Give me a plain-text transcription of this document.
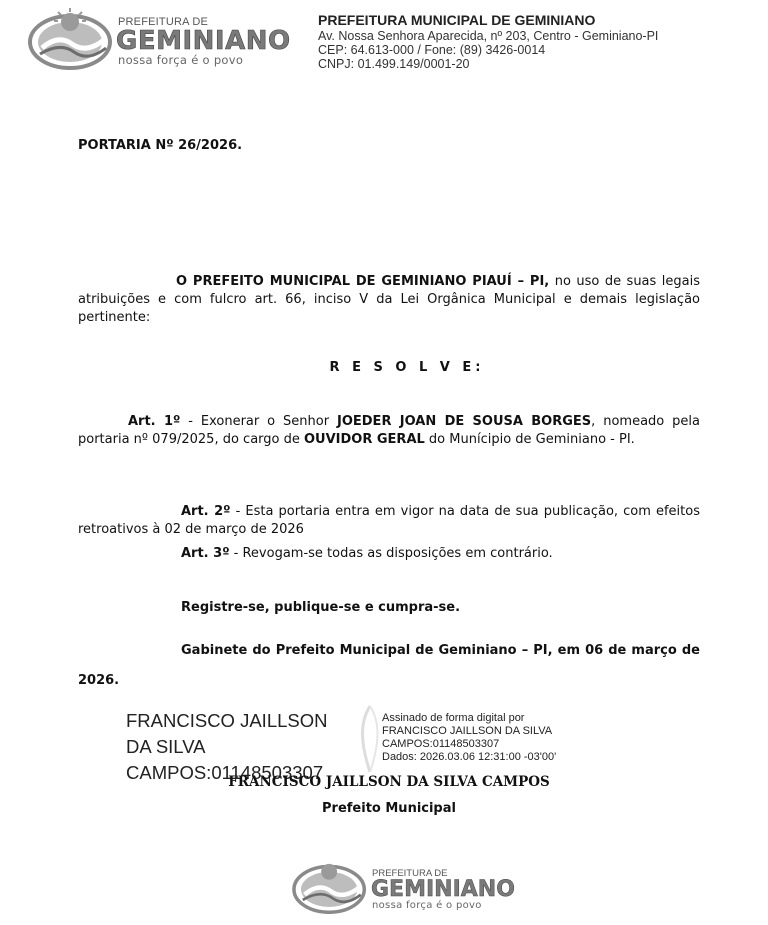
PREFEITURA DE
GEMINIANO
nossa força é o povo
PREFEITURA MUNICIPAL DE GEMINIANO
Av. Nossa Senhora Aparecida, nº 203, Centro - Geminiano-PI
CEP: 64.613-000 / Fone: (89) 3426-0014
CNPJ: 01.499.149/0001-20
PORTARIA Nº 26/2026.
O PREFEITO MUNICIPAL DE GEMINIANO PIAUÍ – PI, no uso de suas legais atribuições e com fulcro art. 66, inciso V da Lei Orgânica Municipal e demais legislação pertinente:
R E S O L V E:
Art. 1º - Exonerar o Senhor JOEDER JOAN DE SOUSA BORGES, nomeado pela portaria nº 079/2025, do cargo de OUVIDOR GERAL do Munícipio de Geminiano - PI.
Art. 2º - Esta portaria entra em vigor na data de sua publicação, com efeitos retroativos à 02 de março de 2026
Art. 3º - Revogam-se todas as disposições em contrário.
Registre-se, publique-se e cumpra-se.
Gabinete do Prefeito Municipal de Geminiano – PI, em 06 de março de 2026.
FRANCISCO JAILLSON
DA SILVA
CAMPOS:01148503307
Assinado de forma digital por
FRANCISCO JAILLSON DA SILVA
CAMPOS:01148503307
Dados: 2026.03.06 12:31:00 -03'00'
FRANCISCO JAILLSON DA SILVA CAMPOS
Prefeito Municipal
PREFEITURA DE
GEMINIANO
nossa força é o povo
